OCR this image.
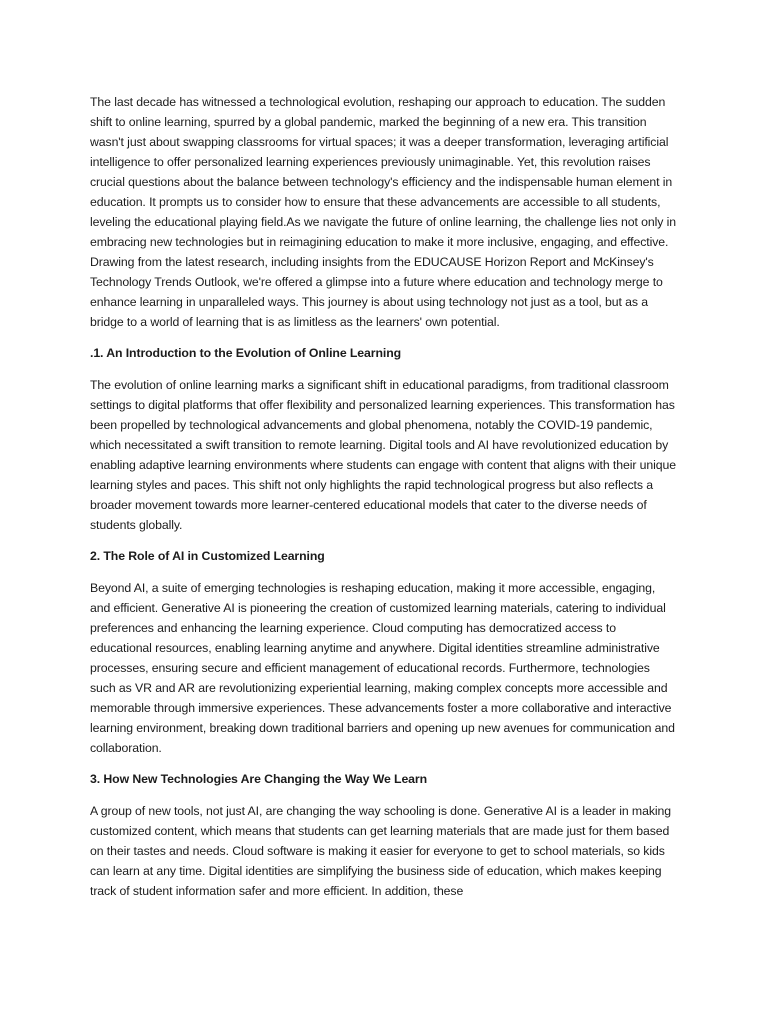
The last decade has witnessed a technological evolution, reshaping our approach to education. The sudden shift to online learning, spurred by a global pandemic, marked the beginning of a new era. This transition wasn't just about swapping classrooms for virtual spaces; it was a deeper transformation, leveraging artificial intelligence to offer personalized learning experiences previously unimaginable. Yet, this revolution raises crucial questions about the balance between technology's efficiency and the indispensable human element in education. It prompts us to consider how to ensure that these advancements are accessible to all students, leveling the educational playing field.As we navigate the future of online learning, the challenge lies not only in embracing new technologies but in reimagining education to make it more inclusive, engaging, and effective. Drawing from the latest research, including insights from the EDUCAUSE Horizon Report and McKinsey's Technology Trends Outlook, we're offered a glimpse into a future where education and technology merge to enhance learning in unparalleled ways. This journey is about using technology not just as a tool, but as a bridge to a world of learning that is as limitless as the learners' own potential.

.1. An Introduction to the Evolution of Online Learning

The evolution of online learning marks a significant shift in educational paradigms, from traditional classroom settings to digital platforms that offer flexibility and personalized learning experiences. This transformation has been propelled by technological advancements and global phenomena, notably the COVID-19 pandemic, which necessitated a swift transition to remote learning. Digital tools and AI have revolutionized education by enabling adaptive learning environments where students can engage with content that aligns with their unique learning styles and paces. This shift not only highlights the rapid technological progress but also reflects a broader movement towards more learner-centered educational models that cater to the diverse needs of students globally.

2. The Role of AI in Customized Learning

Beyond AI, a suite of emerging technologies is reshaping education, making it more accessible, engaging, and efficient. Generative AI is pioneering the creation of customized learning materials, catering to individual preferences and enhancing the learning experience. Cloud computing has democratized access to educational resources, enabling learning anytime and anywhere. Digital identities streamline administrative processes, ensuring secure and efficient management of educational records. Furthermore, technologies such as VR and AR are revolutionizing experiential learning, making complex concepts more accessible and memorable through immersive experiences. These advancements foster a more collaborative and interactive learning environment, breaking down traditional barriers and opening up new avenues for communication and collaboration.

3. How New Technologies Are Changing the Way We Learn

A group of new tools, not just AI, are changing the way schooling is done. Generative AI is a leader in making customized content, which means that students can get learning materials that are made just for them based on their tastes and needs. Cloud software is making it easier for everyone to get to school materials, so kids can learn at any time. Digital identities are simplifying the business side of education, which makes keeping track of student information safer and more efficient. In addition, these
